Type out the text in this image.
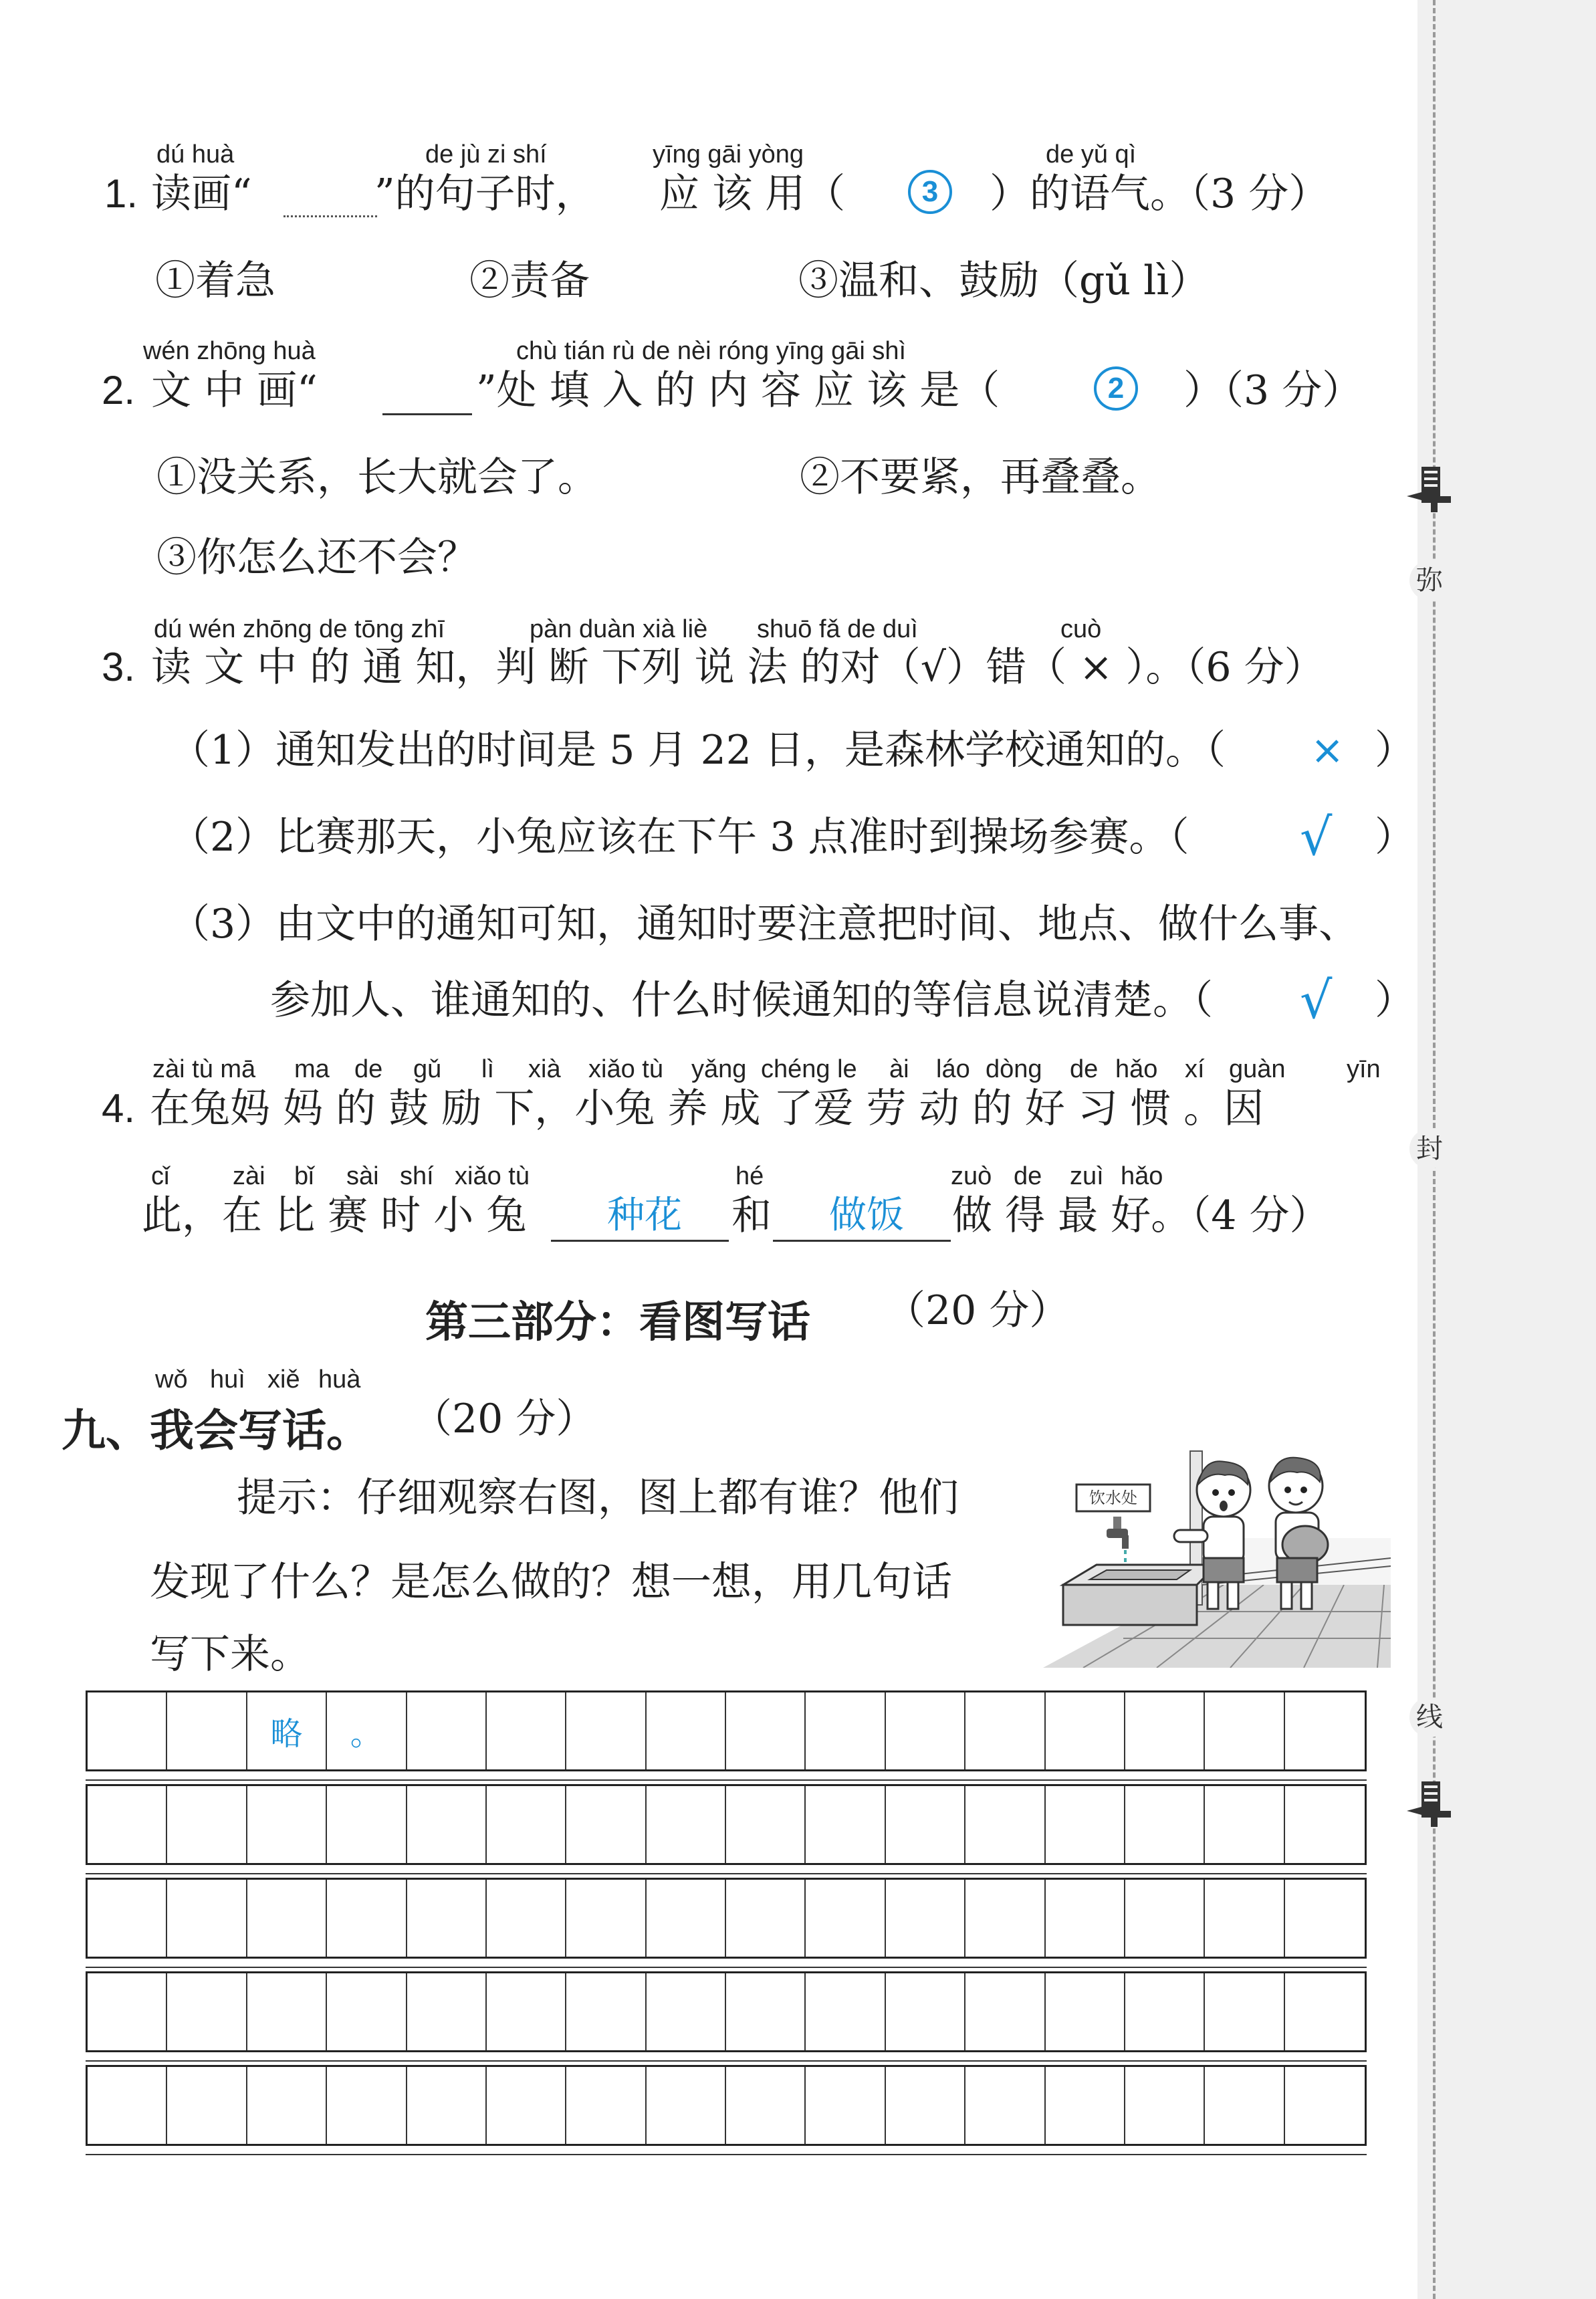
弥
封
线
dú huà	de jù zi shí	yīng gāi yòng	de yǔ qì
1. 读画“	”的句子时， 应 该 用（	3	）的语气。（3 分）
①着急	②责备	③温和、鼓励（gǔ lì）
wén zhōng huà	chù tián rù de nèi róng yīng gāi shì
2. 文 中 画“	”处 填 入 的 内 容 应 该 是（	2	）（3 分）
①没关系，长大就会了。	②不要紧，再叠叠。
③你怎么还不会？
dú wén zhōng de tōng zhī	pàn duàn xià liè shuō fǎ de duì	cuò
3. 读 文 中 的 通 知，判 断 下列 说 法 的对（√）错（ × ）。（6 分）
（1）通知发出的时间是 5 月 22 日，是森林学校通知的。（ × ）
（2）比赛那天，小兔应该在下午 3 点准时到操场参赛。（ √ ）
（3）由文中的通知可知，通知时要注意把时间、地点、做什么事、
参加人、谁通知的、什么时候通知的等信息说清楚。（ √ ）
zài tù mā ma de gǔ lì xià xiǎo tù yǎng chéng le ài láo dòng de hǎo xí guàn yīn
4. 在兔妈 妈 的 鼓 励 下，小兔 养 成 了爱 劳 动 的 好 习 惯 。因
cǐ zài bǐ sài shí xiǎo tù	hé	zuò de zuì hǎo
此，在 比 赛 时 小 兔 种花 和 做饭 做 得 最 好。（4 分）
第三部分：看图写话 （20 分）
wǒ huì xiě huà
九、我会写话。 （20 分）
提示：仔细观察右图，图上都有谁？他们
发现了什么？是怎么做的？想一想，用几句话
写下来。
饮水处
略 。
